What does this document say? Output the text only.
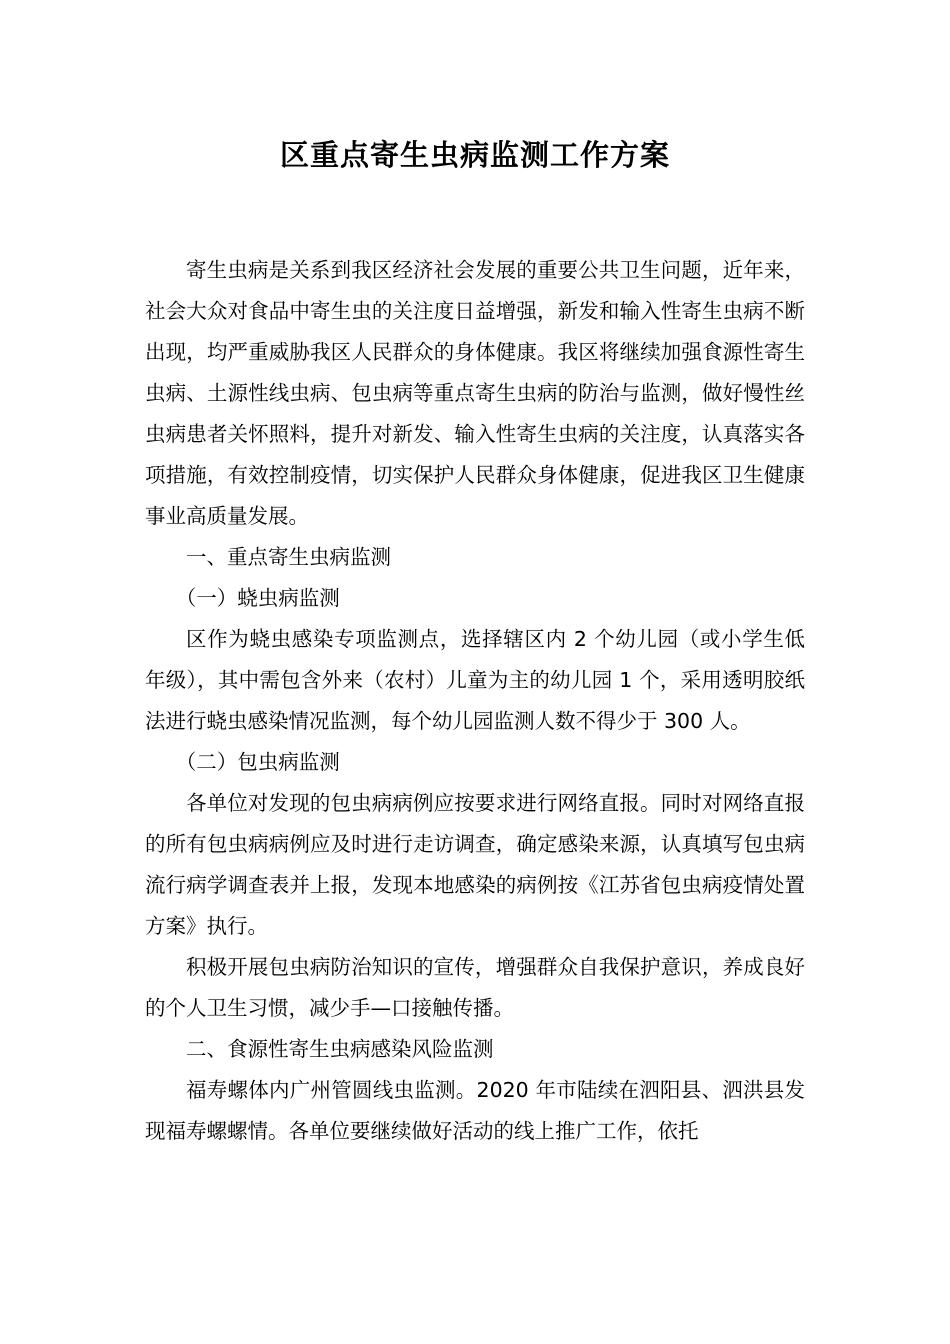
区重点寄生虫病监测工作方案

寄生虫病是关系到我区经济社会发展的重要公共卫生问题，近年来，社会大众对食品中寄生虫的关注度日益增强，新发和输入性寄生虫病不断出现，均严重威胁我区人民群众的身体健康。我区将继续加强食源性寄生虫病、土源性线虫病、包虫病等重点寄生虫病的防治与监测，做好慢性丝虫病患者关怀照料，提升对新发、输入性寄生虫病的关注度，认真落实各项措施，有效控制疫情，切实保护人民群众身体健康，促进我区卫生健康事业高质量发展。

一、重点寄生虫病监测

（一）蛲虫病监测

区作为蛲虫感染专项监测点，选择辖区内 2 个幼儿园（或小学生低年级），其中需包含外来（农村）儿童为主的幼儿园 1 个，采用透明胶纸法进行蛲虫感染情况监测，每个幼儿园监测人数不得少于 300 人。

（二）包虫病监测

各单位对发现的包虫病病例应按要求进行网络直报。同时对网络直报的所有包虫病病例应及时进行走访调查，确定感染来源，认真填写包虫病流行病学调查表并上报，发现本地感染的病例按《江苏省包虫病疫情处置方案》执行。

积极开展包虫病防治知识的宣传，增强群众自我保护意识，养成良好的个人卫生习惯，减少手—口接触传播。

二、食源性寄生虫病感染风险监测

福寿螺体内广州管圆线虫监测。2020 年市陆续在泗阳县、泗洪县发现福寿螺螺情。各单位要继续做好活动的线上推广工作，依托
